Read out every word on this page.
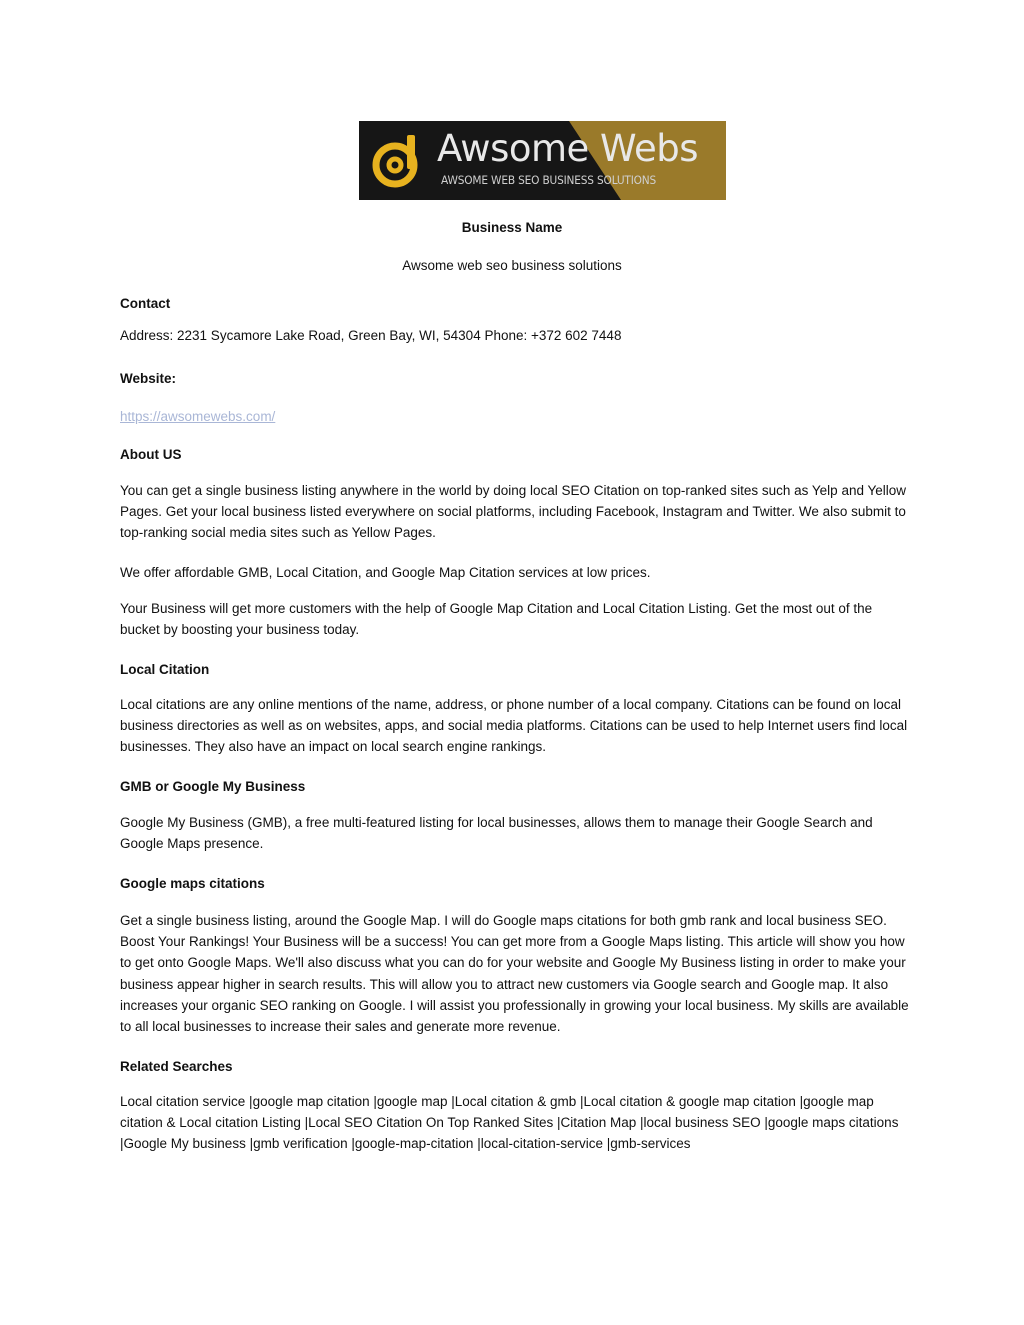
Awsome Webs
AWSOME WEB SEO BUSINESS SOLUTIONS
Business Name
Awsome web seo business solutions
Contact
Address: 2231 Sycamore Lake Road, Green Bay, WI, 54304 Phone: +372 602 7448
Website:
https://awsomewebs.com/
About US
You can get a single business listing anywhere in the world by doing local SEO Citation on top-ranked sites such as Yelp and Yellow Pages. Get your local business listed everywhere on social platforms, including Facebook, Instagram and Twitter. We also submit to top-ranking social media sites such as Yellow Pages.
We offer affordable GMB, Local Citation, and Google Map Citation services at low prices.
Your Business will get more customers with the help of Google Map Citation and Local Citation Listing. Get the most out of the bucket by boosting your business today.
Local Citation
Local citations are any online mentions of the name, address, or phone number of a local company. Citations can be found on local business directories as well as on websites, apps, and social media platforms. Citations can be used to help Internet users find local businesses. They also have an impact on local search engine rankings.
GMB or Google My Business
Google My Business (GMB), a free multi-featured listing for local businesses, allows them to manage their Google Search and Google Maps presence.
Google maps citations
Get a single business listing, around the Google Map. I will do Google maps citations for both gmb rank and local business SEO. Boost Your Rankings! Your Business will be a success! You can get more from a Google Maps listing. This article will show you how to get onto Google Maps. We'll also discuss what you can do for your website and Google My Business listing in order to make your business appear higher in search results. This will allow you to attract new customers via Google search and Google map. It also increases your organic SEO ranking on Google. I will assist you professionally in growing your local business. My skills are available to all local businesses to increase their sales and generate more revenue.
Related Searches
Local citation service |google map citation |google map |Local citation & gmb |Local citation & google map citation |google map citation & Local citation Listing |Local SEO Citation On Top Ranked Sites |Citation Map |local business SEO |google maps citations |Google My business |gmb verification |google-map-citation |local-citation-service |gmb-services
